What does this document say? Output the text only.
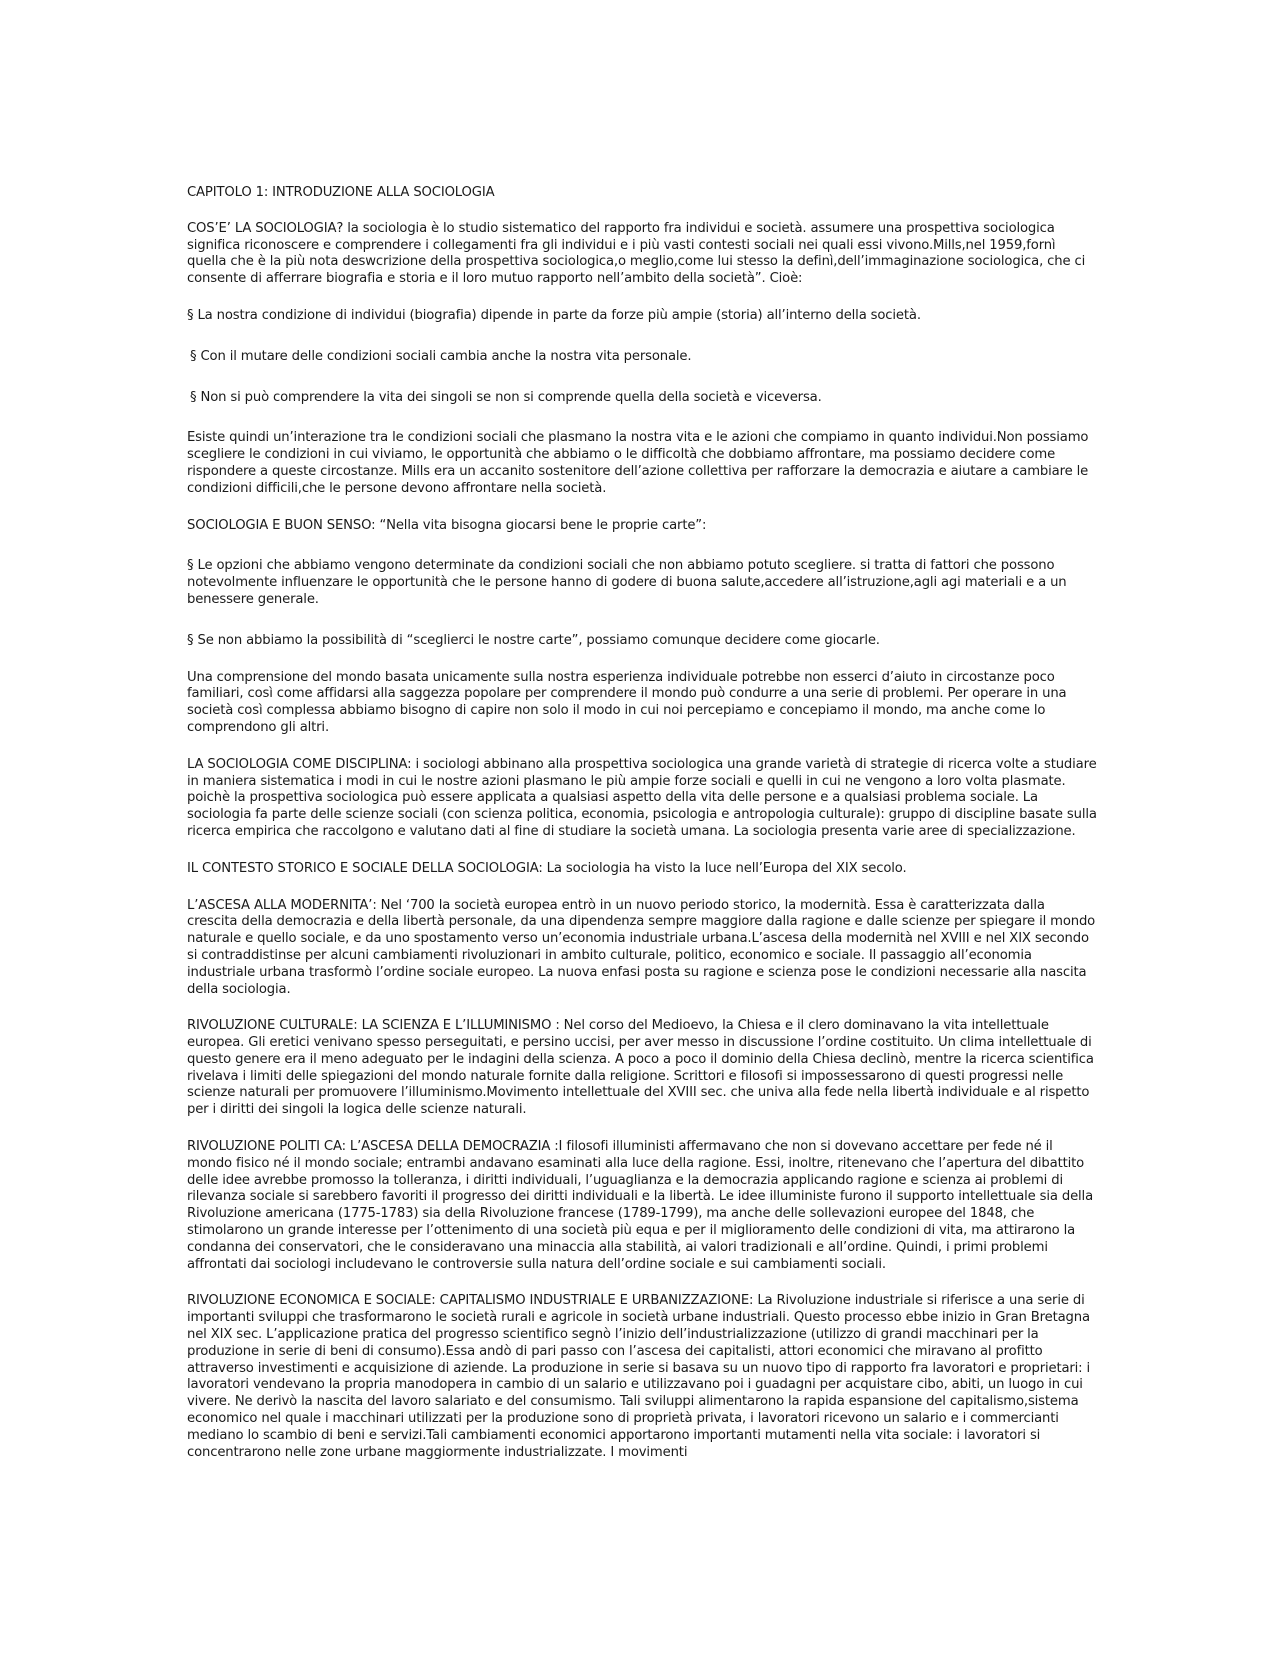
CAPITOLO 1: INTRODUZIONE ALLA SOCIOLOGIA

COS’E’ LA SOCIOLOGIA? la sociologia è lo studio sistematico del rapporto fra individui e società. assumere una prospettiva sociologica significa riconoscere e comprendere i collegamenti fra gli individui e i più vasti contesti sociali nei quali essi vivono.Mills,nel 1959,fornì quella che è la più nota deswcrizione della prospettiva sociologica,o meglio,come lui stesso la definì,dell’immaginazione sociologica, che ci consente di afferrare biografia e storia e il loro mutuo rapporto nell’ambito della società”. Cioè:

§ La nostra condizione di individui (biografia) dipende in parte da forze più ampie (storia) all’interno della società.

§ Con il mutare delle condizioni sociali cambia anche la nostra vita personale.

§ Non si può comprendere la vita dei singoli se non si comprende quella della società e viceversa.

Esiste quindi un’interazione tra le condizioni sociali che plasmano la nostra vita e le azioni che compiamo in quanto individui.Non possiamo scegliere le condizioni in cui viviamo, le opportunità che abbiamo o le difficoltà che dobbiamo affrontare, ma possiamo decidere come rispondere a queste circostanze. Mills era un accanito sostenitore dell’azione collettiva per rafforzare la democrazia e aiutare a cambiare le condizioni difficili,che le persone devono affrontare nella società.

SOCIOLOGIA E BUON SENSO: “Nella vita bisogna giocarsi bene le proprie carte”:

§ Le opzioni che abbiamo vengono determinate da condizioni sociali che non abbiamo potuto scegliere. si tratta di fattori che possono notevolmente influenzare le opportunità che le persone hanno di godere di buona salute,accedere all’istruzione,agli agi materiali e a un benessere generale.

§ Se non abbiamo la possibilità di “sceglierci le nostre carte”, possiamo comunque decidere come giocarle.

Una comprensione del mondo basata unicamente sulla nostra esperienza individuale potrebbe non esserci d’aiuto in circostanze poco familiari, così come affidarsi alla saggezza popolare per comprendere il mondo può condurre a una serie di problemi. Per operare in una società così complessa abbiamo bisogno di capire non solo il modo in cui noi percepiamo e concepiamo il mondo, ma anche come lo comprendono gli altri.

LA SOCIOLOGIA COME DISCIPLINA: i sociologi abbinano alla prospettiva sociologica una grande varietà di strategie di ricerca volte a studiare in maniera sistematica i modi in cui le nostre azioni plasmano le più ampie forze sociali e quelli in cui ne vengono a loro volta plasmate. poichè la prospettiva sociologica può essere applicata a qualsiasi aspetto della vita delle persone e a qualsiasi problema sociale. La sociologia fa parte delle scienze sociali (con scienza politica, economia, psicologia e antropologia culturale): gruppo di discipline basate sulla ricerca empirica che raccolgono e valutano dati al fine di studiare la società umana. La sociologia presenta varie aree di specializzazione.

IL CONTESTO STORICO E SOCIALE DELLA SOCIOLOGIA: La sociologia ha visto la luce nell’Europa del XIX secolo.

L’ASCESA ALLA MODERNITA’: Nel ‘700 la società europea entrò in un nuovo periodo storico, la modernità. Essa è caratterizzata dalla crescita della democrazia e della libertà personale, da una dipendenza sempre maggiore dalla ragione e dalle scienze per spiegare il mondo naturale e quello sociale, e da uno spostamento verso un’economia industriale urbana.L’ascesa della modernità nel XVIII e nel XIX secondo si contraddistinse per alcuni cambiamenti rivoluzionari in ambito culturale, politico, economico e sociale. Il passaggio all’economia industriale urbana trasformò l’ordine sociale europeo. La nuova enfasi posta su ragione e scienza pose le condizioni necessarie alla nascita della sociologia.

RIVOLUZIONE CULTURALE: LA SCIENZA E L’ILLUMINISMO : Nel corso del Medioevo, la Chiesa e il clero dominavano la vita intellettuale europea. Gli eretici venivano spesso perseguitati, e persino uccisi, per aver messo in discussione l’ordine costituito. Un clima intellettuale di questo genere era il meno adeguato per le indagini della scienza. A poco a poco il dominio della Chiesa declinò, mentre la ricerca scientifica rivelava i limiti delle spiegazioni del mondo naturale fornite dalla religione. Scrittori e filosofi si impossessarono di questi progressi nelle scienze naturali per promuovere l’illuminismo.Movimento intellettuale del XVIII sec. che univa alla fede nella libertà individuale e al rispetto per i diritti dei singoli la logica delle scienze naturali.

RIVOLUZIONE POLITI CA: L’ASCESA DELLA DEMOCRAZIA :I filosofi illuministi affermavano che non si dovevano accettare per fede né il mondo fisico né il mondo sociale; entrambi andavano esaminati alla luce della ragione. Essi, inoltre, ritenevano che l’apertura del dibattito delle idee avrebbe promosso la tolleranza, i diritti individuali, l’uguaglianza e la democrazia applicando ragione e scienza ai problemi di rilevanza sociale si sarebbero favoriti il progresso dei diritti individuali e la libertà. Le idee illuministe furono il supporto intellettuale sia della Rivoluzione americana (1775-1783) sia della Rivoluzione francese (1789-1799), ma anche delle sollevazioni europee del 1848, che stimolarono un grande interesse per l’ottenimento di una società più equa e per il miglioramento delle condizioni di vita, ma attirarono la condanna dei conservatori, che le consideravano una minaccia alla stabilità, ai valori tradizionali e all’ordine. Quindi, i primi problemi affrontati dai sociologi includevano le controversie sulla natura dell’ordine sociale e sui cambiamenti sociali.

RIVOLUZIONE ECONOMICA E SOCIALE: CAPITALISMO INDUSTRIALE E URBANIZZAZIONE: La Rivoluzione industriale si riferisce a una serie di importanti sviluppi che trasformarono le società rurali e agricole in società urbane industriali. Questo processo ebbe inizio in Gran Bretagna nel XIX sec. L’applicazione pratica del progresso scientifico segnò l’inizio dell’industrializzazione (utilizzo di grandi macchinari per la produzione in serie di beni di consumo).Essa andò di pari passo con l’ascesa dei capitalisti, attori economici che miravano al profitto attraverso investimenti e acquisizione di aziende. La produzione in serie si basava su un nuovo tipo di rapporto fra lavoratori e proprietari: i lavoratori vendevano la propria manodopera in cambio di un salario e utilizzavano poi i guadagni per acquistare cibo, abiti, un luogo in cui vivere. Ne derivò la nascita del lavoro salariato e del consumismo. Tali sviluppi alimentarono la rapida espansione del capitalismo,sistema economico nel quale i macchinari utilizzati per la produzione sono di proprietà privata, i lavoratori ricevono un salario e i commercianti mediano lo scambio di beni e servizi.Tali cambiamenti economici apportarono importanti mutamenti nella vita sociale: i lavoratori si concentrarono nelle zone urbane maggiormente industrializzate. I movimenti
